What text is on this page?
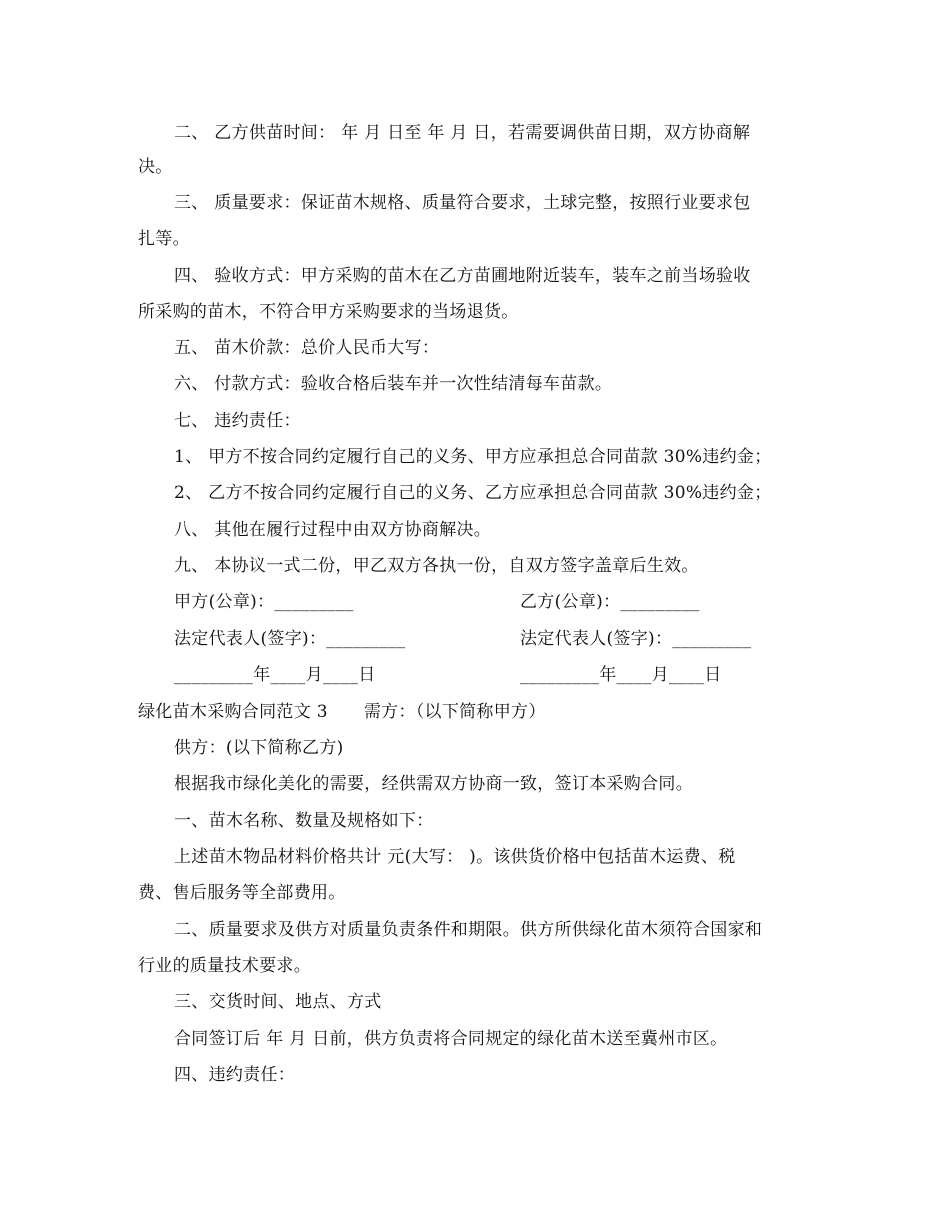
二、 乙方供苗时间： 年 月 日至 年 月 日，若需要调供苗日期，双方协商解
决。
三、 质量要求：保证苗木规格、质量符合要求，土球完整，按照行业要求包
扎等。
四、 验收方式：甲方采购的苗木在乙方苗圃地附近装车，装车之前当场验收
所采购的苗木，不符合甲方采购要求的当场退货。
五、 苗木价款：总价人民币大写：
六、 付款方式：验收合格后装车并一次性结清每车苗款。
七、 违约责任：
1、 甲方不按合同约定履行自己的义务、甲方应承担总合同苗款 30%违约金；
2、 乙方不按合同约定履行自己的义务、乙方应承担总合同苗款 30%违约金；
八、 其他在履行过程中由双方协商解决。
九、 本协议一式二份，甲乙双方各执一份，自双方签字盖章后生效。
甲方(公章)：_________	乙方(公章)：_________
法定代表人(签字)：_________	法定代表人(签字)：_________
_________年____月____日	_________年____月____日
绿化苗木采购合同范文 3 需方：（以下简称甲方）
供方：(以下简称乙方)
根据我市绿化美化的需要，经供需双方协商一致，签订本采购合同。
一、苗木名称、数量及规格如下：
上述苗木物品材料价格共计 元(大写： )。该供货价格中包括苗木运费、税
费、售后服务等全部费用。
二、质量要求及供方对质量负责条件和期限。供方所供绿化苗木须符合国家和
行业的质量技术要求。
三、交货时间、地点、方式
合同签订后 年 月 日前，供方负责将合同规定的绿化苗木送至冀州市区。
四、违约责任：
